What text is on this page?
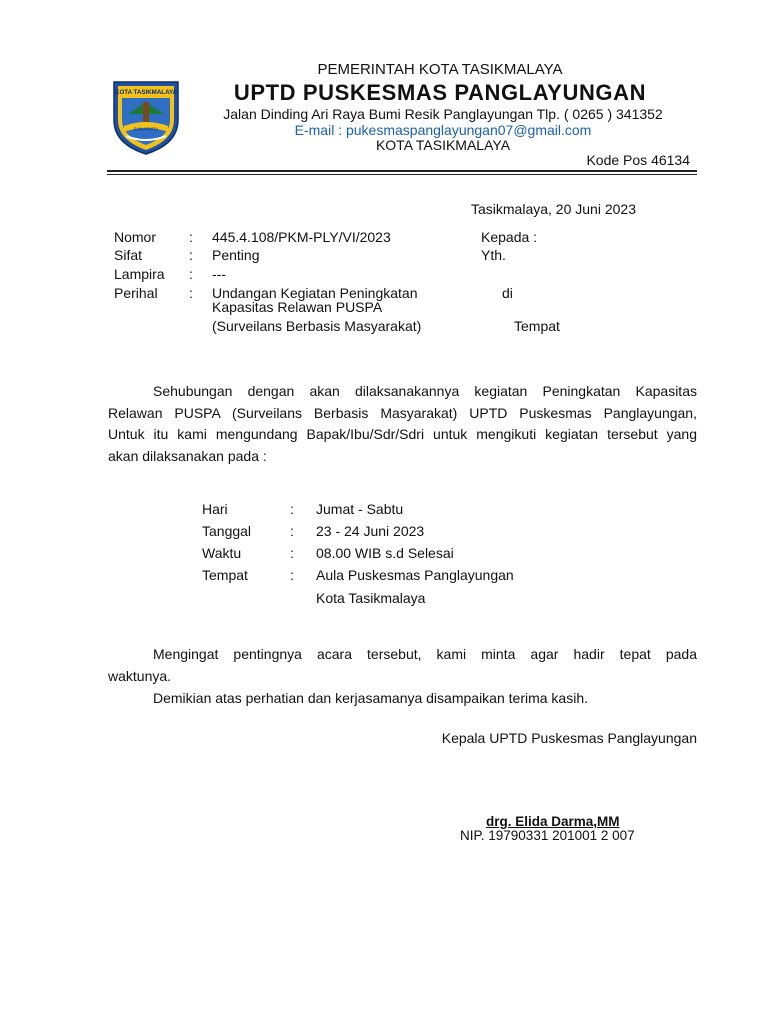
KOTA TASIKMALAYA
SUKAPURA
PEMERINTAH KOTA TASIKMALAYA
UPTD PUSKESMAS PANGLAYUNGAN
Jalan Dinding Ari Raya Bumi Resik Panglayungan Tlp. ( 0265 ) 341352
E-mail : pukesmaspanglayungan07@gmail.com
KOTA TASIKMALAYA
Kode Pos 46134
Tasikmalaya, 20 Juni 2023
Nomor : 445.4.108/PKM-PLY/VI/2023
Sifat	: Penting
Lampira : ---
Perihal : Undangan Kegiatan Peningkatan
Kapasitas Relawan PUSPA
(Surveilans Berbasis Masyarakat)
Kepada :
Yth.
di
Tempat
Sehubungan dengan akan dilaksanakannya kegiatan Peningkatan Kapasitas
Relawan PUSPA (Surveilans Berbasis Masyarakat) UPTD Puskesmas Panglayungan,
Untuk itu kami mengundang Bapak/Ibu/Sdr/Sdri untuk mengikuti kegiatan tersebut yang
akan dilaksanakan pada :
Hari	: Jumat - Sabtu
Tanggal	: 23 - 24 Juni 2023
Waktu	: 08.00 WIB s.d Selesai
Tempat	: Aula Puskesmas Panglayungan
Kota Tasikmalaya
Mengingat pentingnya acara tersebut, kami minta agar hadir tepat pada
waktunya.
Demikian atas perhatian dan kerjasamanya disampaikan terima kasih.
Kepala UPTD Puskesmas Panglayungan
drg. Elida Darma,MM
NIP. 19790331 201001 2 007
